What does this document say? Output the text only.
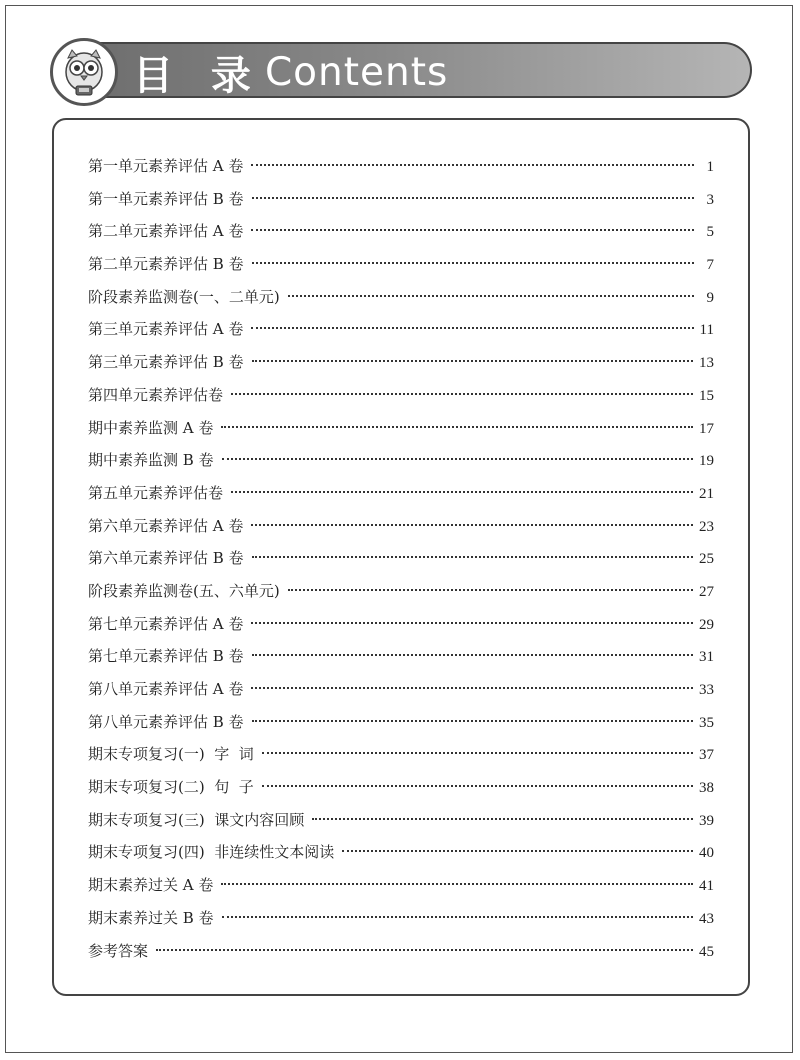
目 录 Contents
第一单元素养评估 A 卷	1
第一单元素养评估 B 卷	3
第二单元素养评估 A 卷	5
第二单元素养评估 B 卷	7
阶段素养监测卷(一、二单元)	9
第三单元素养评估 A 卷	11
第三单元素养评估 B 卷	13
第四单元素养评估卷	15
期中素养监测 A 卷	17
期中素养监测 B 卷	19
第五单元素养评估卷	21
第六单元素养评估 A 卷	23
第六单元素养评估 B 卷	25
阶段素养监测卷(五、六单元)	27
第七单元素养评估 A 卷	29
第七单元素养评估 B 卷	31
第八单元素养评估 A 卷	33
第八单元素养评估 B 卷	35
期末专项复习(一)  字  词	37
期末专项复习(二)  句  子	38
期末专项复习(三)  课文内容回顾	39
期末专项复习(四)  非连续性文本阅读	40
期末素养过关 A 卷	41
期末素养过关 B 卷	43
参考答案	45
